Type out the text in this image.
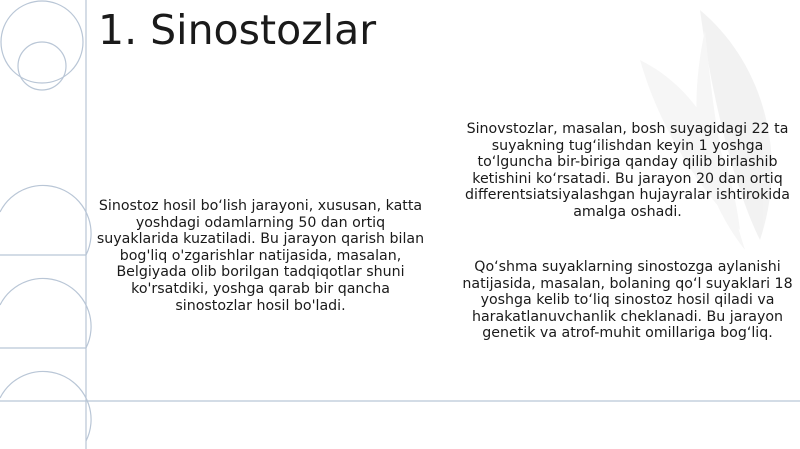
1. Sinostozlar

Sinostoz hosil bo‘lish jarayoni, xususan, katta yoshdagi odamlarning 50 dan ortiq suyaklarida kuzatiladi. Bu jarayon qarish bilan bog'liq o'zgarishlar natijasida, masalan, Belgiyada olib borilgan tadqiqotlar shuni ko'rsatdiki, yoshga qarab bir qancha sinostozlar hosil bo'ladi.

Sinovstozlar, masalan, bosh suyagidagi 22 ta suyakning tug‘ilishdan keyin 1 yoshga to‘lguncha bir-biriga qanday qilib birlashib ketishini ko‘rsatadi. Bu jarayon 20 dan ortiq differentsiatsiyalashgan hujayralar ishtirokida amalga oshadi.

Qo‘shma suyaklarning sinostozga aylanishi natijasida, masalan, bolaning qo‘l suyaklari 18 yoshga kelib to‘liq sinostoz hosil qiladi va harakatlanuvchanlik cheklanadi. Bu jarayon genetik va atrof-muhit omillariga bog‘liq.
